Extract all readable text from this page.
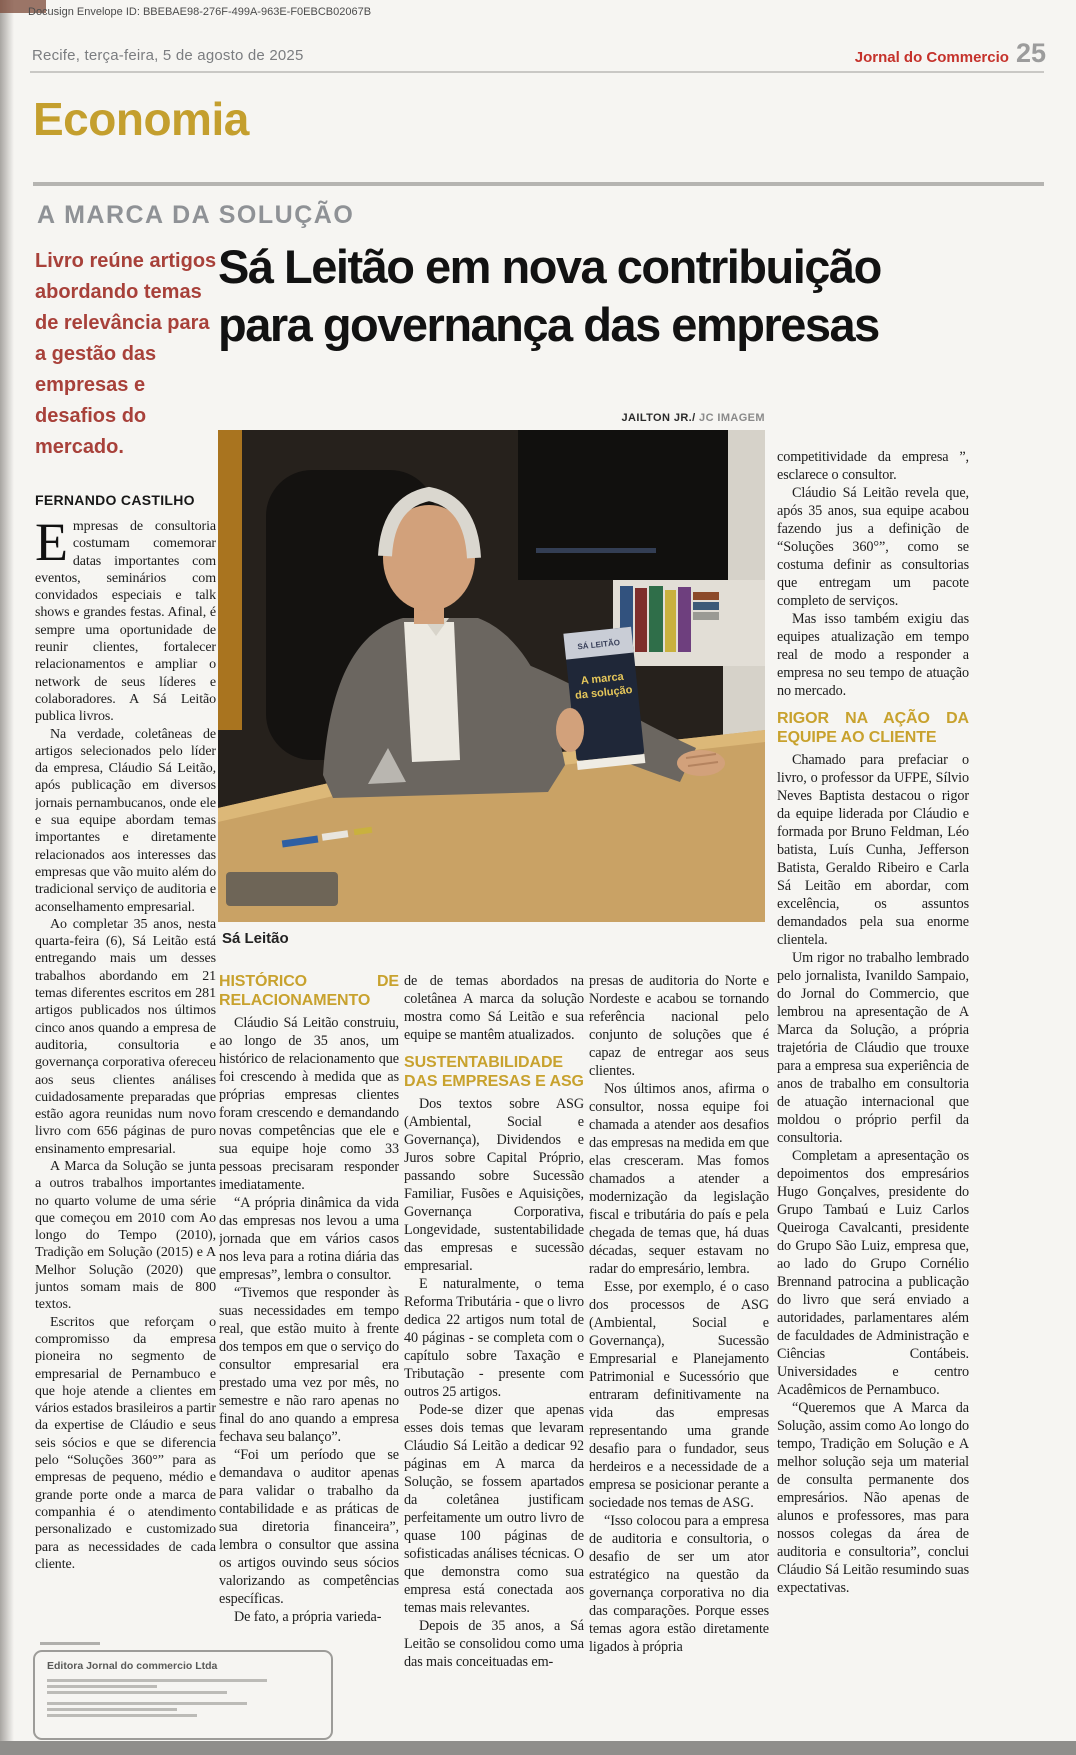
Docusign Envelope ID: BBEBAE98-276F-499A-963E-F0EBCB02067B
Recife, terça-feira, 5 de agosto de 2025	Jornal do Commercio 25
Economia
A MARCA DA SOLUÇÃO
Livro reúne artigos abordando temas de relevância para a gestão das empresas e desafios do mercado.
FERNANDO CASTILHO
Sá Leitão em nova contribuição para governança das empresas
JAILTON JR./ JC IMAGEM
SÁ LEITÃO
A marca
da solução
Sá Leitão

Empresas de consultoria costumam comemorar datas importantes com eventos, seminários com convidados especiais e talk shows e grandes festas. Afinal, é sempre uma oportunidade de reunir clientes, fortalecer relacionamentos e ampliar o network de seus líderes e colaboradores. A Sá Leitão publica livros.

Na verdade, coletâneas de artigos selecionados pelo líder da empresa, Cláudio Sá Leitão, após publicação em diversos jornais pernambucanos, onde ele e sua equipe abordam temas importantes e diretamente relacionados aos interesses das empresas que vão muito além do tradicional serviço de auditoria e aconselhamento empresarial.

Ao completar 35 anos, nesta quarta-feira (6), Sá Leitão está entregando mais um desses trabalhos abordando em 21 temas diferentes escritos em 281 artigos publicados nos últimos cinco anos quando a empresa de auditoria, consultoria e governança corporativa ofereceu aos seus clientes análises cuidadosamente preparadas que estão agora reunidas num novo livro com 656 páginas de puro ensinamento empresarial.

A Marca da Solução se junta a outros trabalhos importantes no quarto volume de uma série que começou em 2010 com Ao longo do Tempo (2010), Tradição em Solução (2015) e A Melhor Solução (2020) que juntos somam mais de 800 textos.

Escritos que reforçam o compromisso da empresa pioneira no segmento de empresarial de Pernambuco e que hoje atende a clientes em vários estados brasileiros a partir da expertise de Cláudio e seus seis sócios e que se diferencia pelo “Soluções 360°” para as empresas de pequeno, médio e grande porte onde a marca de companhia é o atendimento personalizado e customizado para as necessidades de cada cliente.

HISTÓRICO DE RELACIONAMENTO

Cláudio Sá Leitão construiu, ao longo de 35 anos, um histórico de relacionamento que foi crescendo à medida que as próprias empresas clientes foram crescendo e demandando novas competências que ele e sua equipe hoje como 33 pessoas precisaram responder imediatamente.

“A própria dinâmica da vida das empresas nos levou a uma jornada que em vários casos nos leva para a rotina diária das empresas”, lembra o consultor.

“Tivemos que responder às suas necessidades em tempo real, que estão muito à frente dos tempos em que o serviço do consultor empresarial era prestado uma vez por mês, no semestre e não raro apenas no final do ano quando a empresa fechava seu balanço”.

“Foi um período que se demandava o auditor apenas para validar o trabalho da contabilidade e as práticas de sua diretoria financeira”, lembra o consultor que assina os artigos ouvindo seus sócios valorizando as competências específicas.

De fato, a própria varieda-

de de temas abordados na coletânea A marca da solução mostra como Sá Leitão e sua equipe se mantêm atualizados.

SUSTENTABILIDADE DAS EMPRESAS E ASG

Dos textos sobre ASG (Ambiental, Social e Governança), Dividendos e Juros sobre Capital Próprio, passando sobre Sucessão Familiar, Fusões e Aquisições, Governança Corporativa, Longevidade, sustentabilidade das empresas e sucessão empresarial.

E naturalmente, o tema Reforma Tributária - que o livro dedica 22 artigos num total de 40 páginas - se completa com o capítulo sobre Taxação e Tributação - presente com outros 25 artigos.

Pode-se dizer que apenas esses dois temas que levaram Cláudio Sá Leitão a dedicar 92 páginas em A marca da Solução, se fossem apartados da coletânea justificam perfeitamente um outro livro de quase 100 páginas de sofisticadas análises técnicas. O que demonstra como sua empresa está conectada aos temas mais relevantes.

Depois de 35 anos, a Sá Leitão se consolidou como uma das mais conceituadas em-

presas de auditoria do Norte e Nordeste e acabou se tornando referência nacional pelo conjunto de soluções que é capaz de entregar aos seus clientes.

Nos últimos anos, afirma o consultor, nossa equipe foi chamada a atender aos desafios das empresas na medida em que elas cresceram. Mas fomos chamados a atender a modernização da legislação fiscal e tributária do país e pela chegada de temas que, há duas décadas, sequer estavam no radar do empresário, lembra.

Esse, por exemplo, é o caso dos processos de ASG (Ambiental, Social e Governança), Sucessão Empresarial e Planejamento Patrimonial e Sucessório que entraram definitivamente na vida das empresas representando uma grande desafio para o fundador, seus herdeiros e a necessidade de a empresa se posicionar perante a sociedade nos temas de ASG.

“Isso colocou para a empresa de auditoria e consultoria, o desafio de ser um ator estratégico na questão da governança corporativa no dia das comparações. Porque esses temas agora estão diretamente ligados à própria

competitividade da empresa ”, esclarece o consultor.

Cláudio Sá Leitão revela que, após 35 anos, sua equipe acabou fazendo jus a definição de “Soluções 360°”, como se costuma definir as consultorias que entregam um pacote completo de serviços.

Mas isso também exigiu das equipes atualização em tempo real de modo a responder a empresa no seu tempo de atuação no mercado.

RIGOR NA AÇÃO DA EQUIPE AO CLIENTE

Chamado para prefaciar o livro, o professor da UFPE, Sílvio Neves Baptista destacou o rigor da equipe liderada por Cláudio e formada por Bruno Feldman, Léo batista, Luís Cunha, Jefferson Batista, Geraldo Ribeiro e Carla Sá Leitão em abordar, com excelência, os assuntos demandados pela sua enorme clientela.

Um rigor no trabalho lembrado pelo jornalista, Ivanildo Sampaio, do Jornal do Commercio, que lembrou na apresentação de A Marca da Solução, a própria trajetória de Cláudio que trouxe para a empresa sua experiência de anos de trabalho em consultoria de atuação internacional que moldou o próprio perfil da consultoria.

Completam a apresentação os depoimentos dos empresários Hugo Gonçalves, presidente do Grupo Tambaú e Luiz Carlos Queiroga Cavalcanti, presidente do Grupo São Luiz, empresa que, ao lado do Grupo Cornélio Brennand patrocina a publicação do livro que será enviado a autoridades, parlamentares além de faculdades de Administração e Ciências Contábeis. Universidades e centro Acadêmicos de Pernambuco.

“Queremos que A Marca da Solução, assim como Ao longo do tempo, Tradição em Solução e A melhor solução seja um material de consulta permanente dos empresários. Não apenas de alunos e professores, mas para nossos colegas da área de auditoria e consultoria”, conclui Cláudio Sá Leitão resumindo suas expectativas.

Editora Jornal do commercio Ltda
